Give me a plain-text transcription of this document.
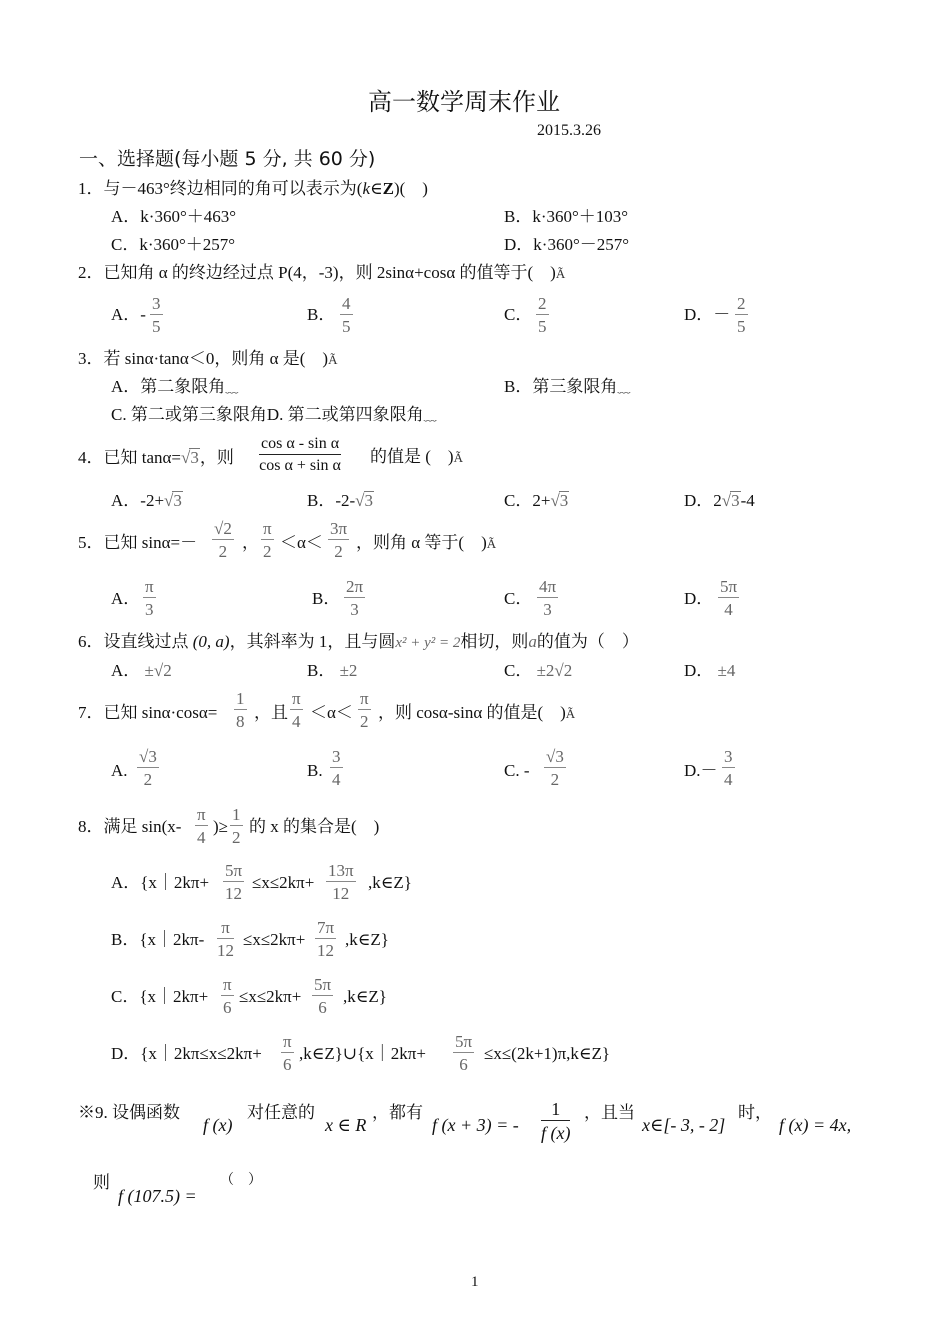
高一数学周末作业
2015.3.26
一、选择题(每小题 5 分, 共 60 分)
1．与－463°终边相同的角可以表示为(k∈Z)(　)
A．k·360°＋463°	B．k·360°＋103°
C．k·360°＋257°	D．k·360°－257°
2．已知角 α 的终边经过点 P(4，-3)，则 2sinα+cosα 的值等于(　)Ã
A．- $\frac{3}{5}$	B． $\frac{4}{5}$	C． $\frac{2}{5}$	D．－ $\frac{2}{5}$
3．若 sinα·tanα＜0，则角 α 是(　)Ã
A．第二象限角﹏	B．第三象限角﹏
C. 第二或第三象限角D. 第二或第四象限角﹏
4．已知 tanα=√3，则 $\frac{\text{cos α - sin α}}{\text{cos α + sin α}}$ 的值是 (　)Ã
A．-2+√3	B．-2-√3	C．2+√3	D．2√3-4
5．已知 $\sin\alpha=- \frac{√2}{2}$ ， $\frac{\pi}{2} <\alpha< \frac{3\pi}{2}$ ，则角 α 等于(　)Ã
A． $\frac{\pi}{3}$	B． $\frac{2\pi}{3}$	C． $\frac{4\pi}{3}$	D． $\frac{5\pi}{4}$
6．设直线过点 (0, a)，其斜率为 1，且与圆x² + y² = 2相切，则a的值为（　）
A． ±√2	B． ±2	C． ±2√2	D． ±4
7．已知 $\sin\alpha\cdot\cos\alpha= \frac{1}{8}$ ，且 $\frac{\pi}{4} <\alpha< \frac{\pi}{2}$ ，则 cosα-sinα 的值是(　)Ã
A. $\frac{√3}{2}$	B. $\frac{3}{4}$	C. - $\frac{√3}{2}$	$D.- \frac{3}{4}$
8．满足 $\sin(x- \frac{\pi}{4}$ )≥ $\frac{1}{2}$ 的 x 的集合是(　)
A．{x｜2kπ+ $\frac{5\pi}{12} \le x\le 2k\pi+ \frac{13\pi}{12}$ ,k∈Z}
B．{x｜2kπ- $\frac{\pi}{12} \le x\le 2k\pi+ \frac{7\pi}{12}$ ,k∈Z}
C．{x｜2kπ+ $\frac{\pi}{6} \le x\le 2k\pi+ \frac{5\pi}{6}$ ,k∈Z}
D．{x｜2kπ≤x≤2kπ+ $\frac{\pi}{6}$ ,k∈Z}∪{x｜2kπ+ $\frac{5\pi}{6}$ ≤x≤(2k+1)π,k∈Z}
※9. 设偶函数
f (x)
对任意的
x ∈ R
，都有
f (x + 3) = - $\frac{1}{f (x)}$ ，且当
x∈[- 3, - 2]
时，
f (x) = 4x,
则
f (107.5) =
（　）
1
